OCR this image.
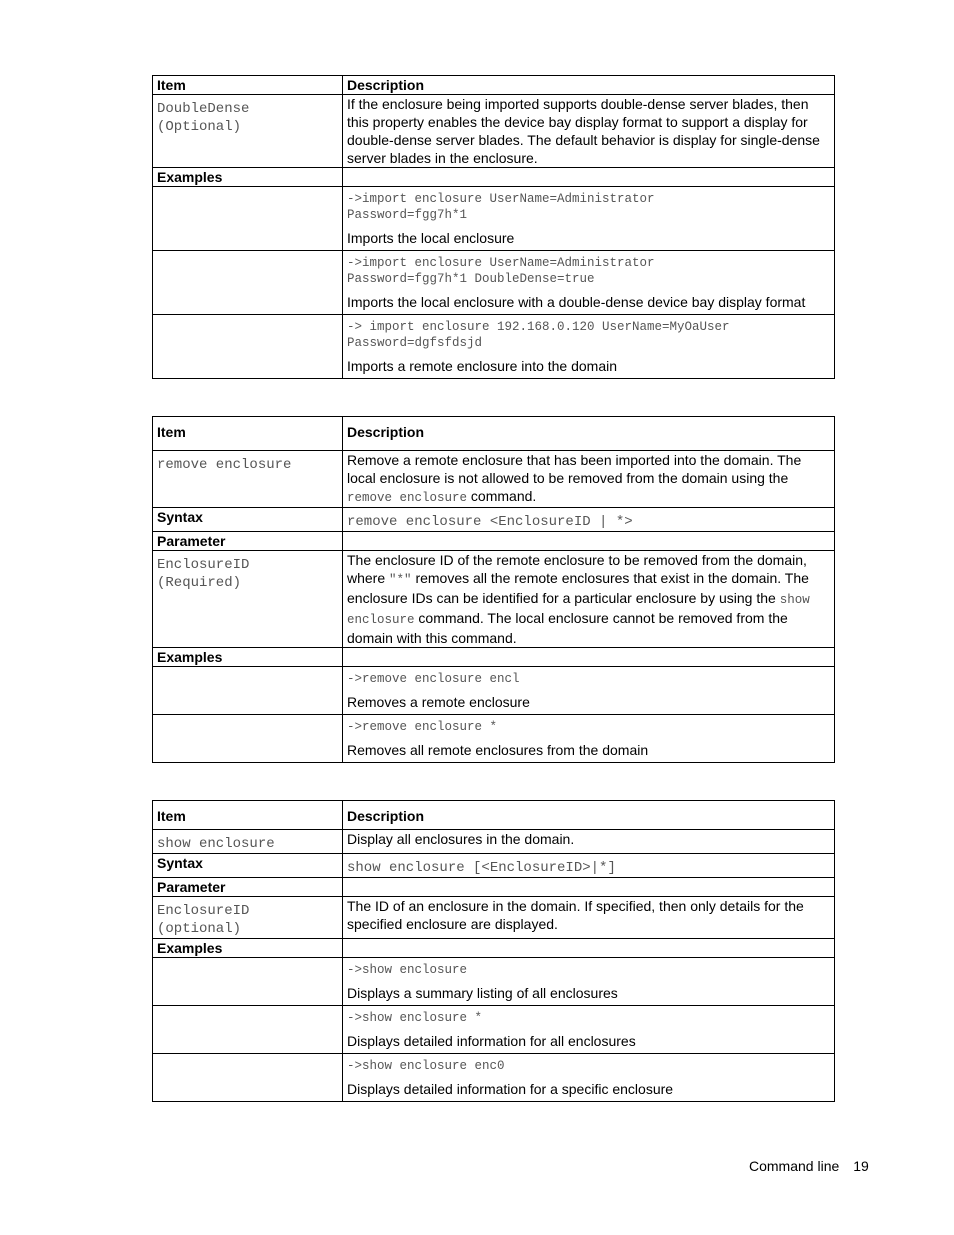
Item	Description

DoubleDense
(Optional)	If the enclosure being imported supports double-dense server blades, then this property enables the device bay display format to support a display for double-dense server blades. The default behavior is display for single-dense server blades in the enclosure.
Examples	

	->import enclosure UserName=Administrator
Password=fgg7h*1
Imports the local enclosure

	->import enclosure UserName=Administrator
Password=fgg7h*1 DoubleDense=true
Imports the local enclosure with a double-dense device bay display format

	-> import enclosure 192.168.0.120 UserName=MyOaUser
Password=dgfsfdsjd
Imports a remote enclosure into the domain
Item	Description
remove enclosure	Remove a remote enclosure that has been imported into the domain. The local enclosure is not allowed to be removed from the domain using the remove enclosure command.
Syntax	remove enclosure <EnclosureID | *>
Parameter	

EnclosureID
(Required)	The enclosure ID of the remote enclosure to be removed from the domain, where "*" removes all the remote enclosures that exist in the domain. The enclosure IDs can be identified for a particular enclosure by using the show enclosure command. The local enclosure cannot be removed from the domain with this command.
Examples	

	->remove enclosure encl
Removes a remote enclosure

	->remove enclosure *
Removes all remote enclosures from the domain
Item	Description
show enclosure	Display all enclosures in the domain.
Syntax	show enclosure [<EnclosureID>|*]
Parameter	

EnclosureID
(optional)	The ID of an enclosure in the domain. If specified, then only details for the specified enclosure are displayed.
Examples	

	->show enclosure
Displays a summary listing of all enclosures

	->show enclosure *
Displays detailed information for all enclosures

	->show enclosure enc0
Displays detailed information for a specific enclosure
Command line 19
